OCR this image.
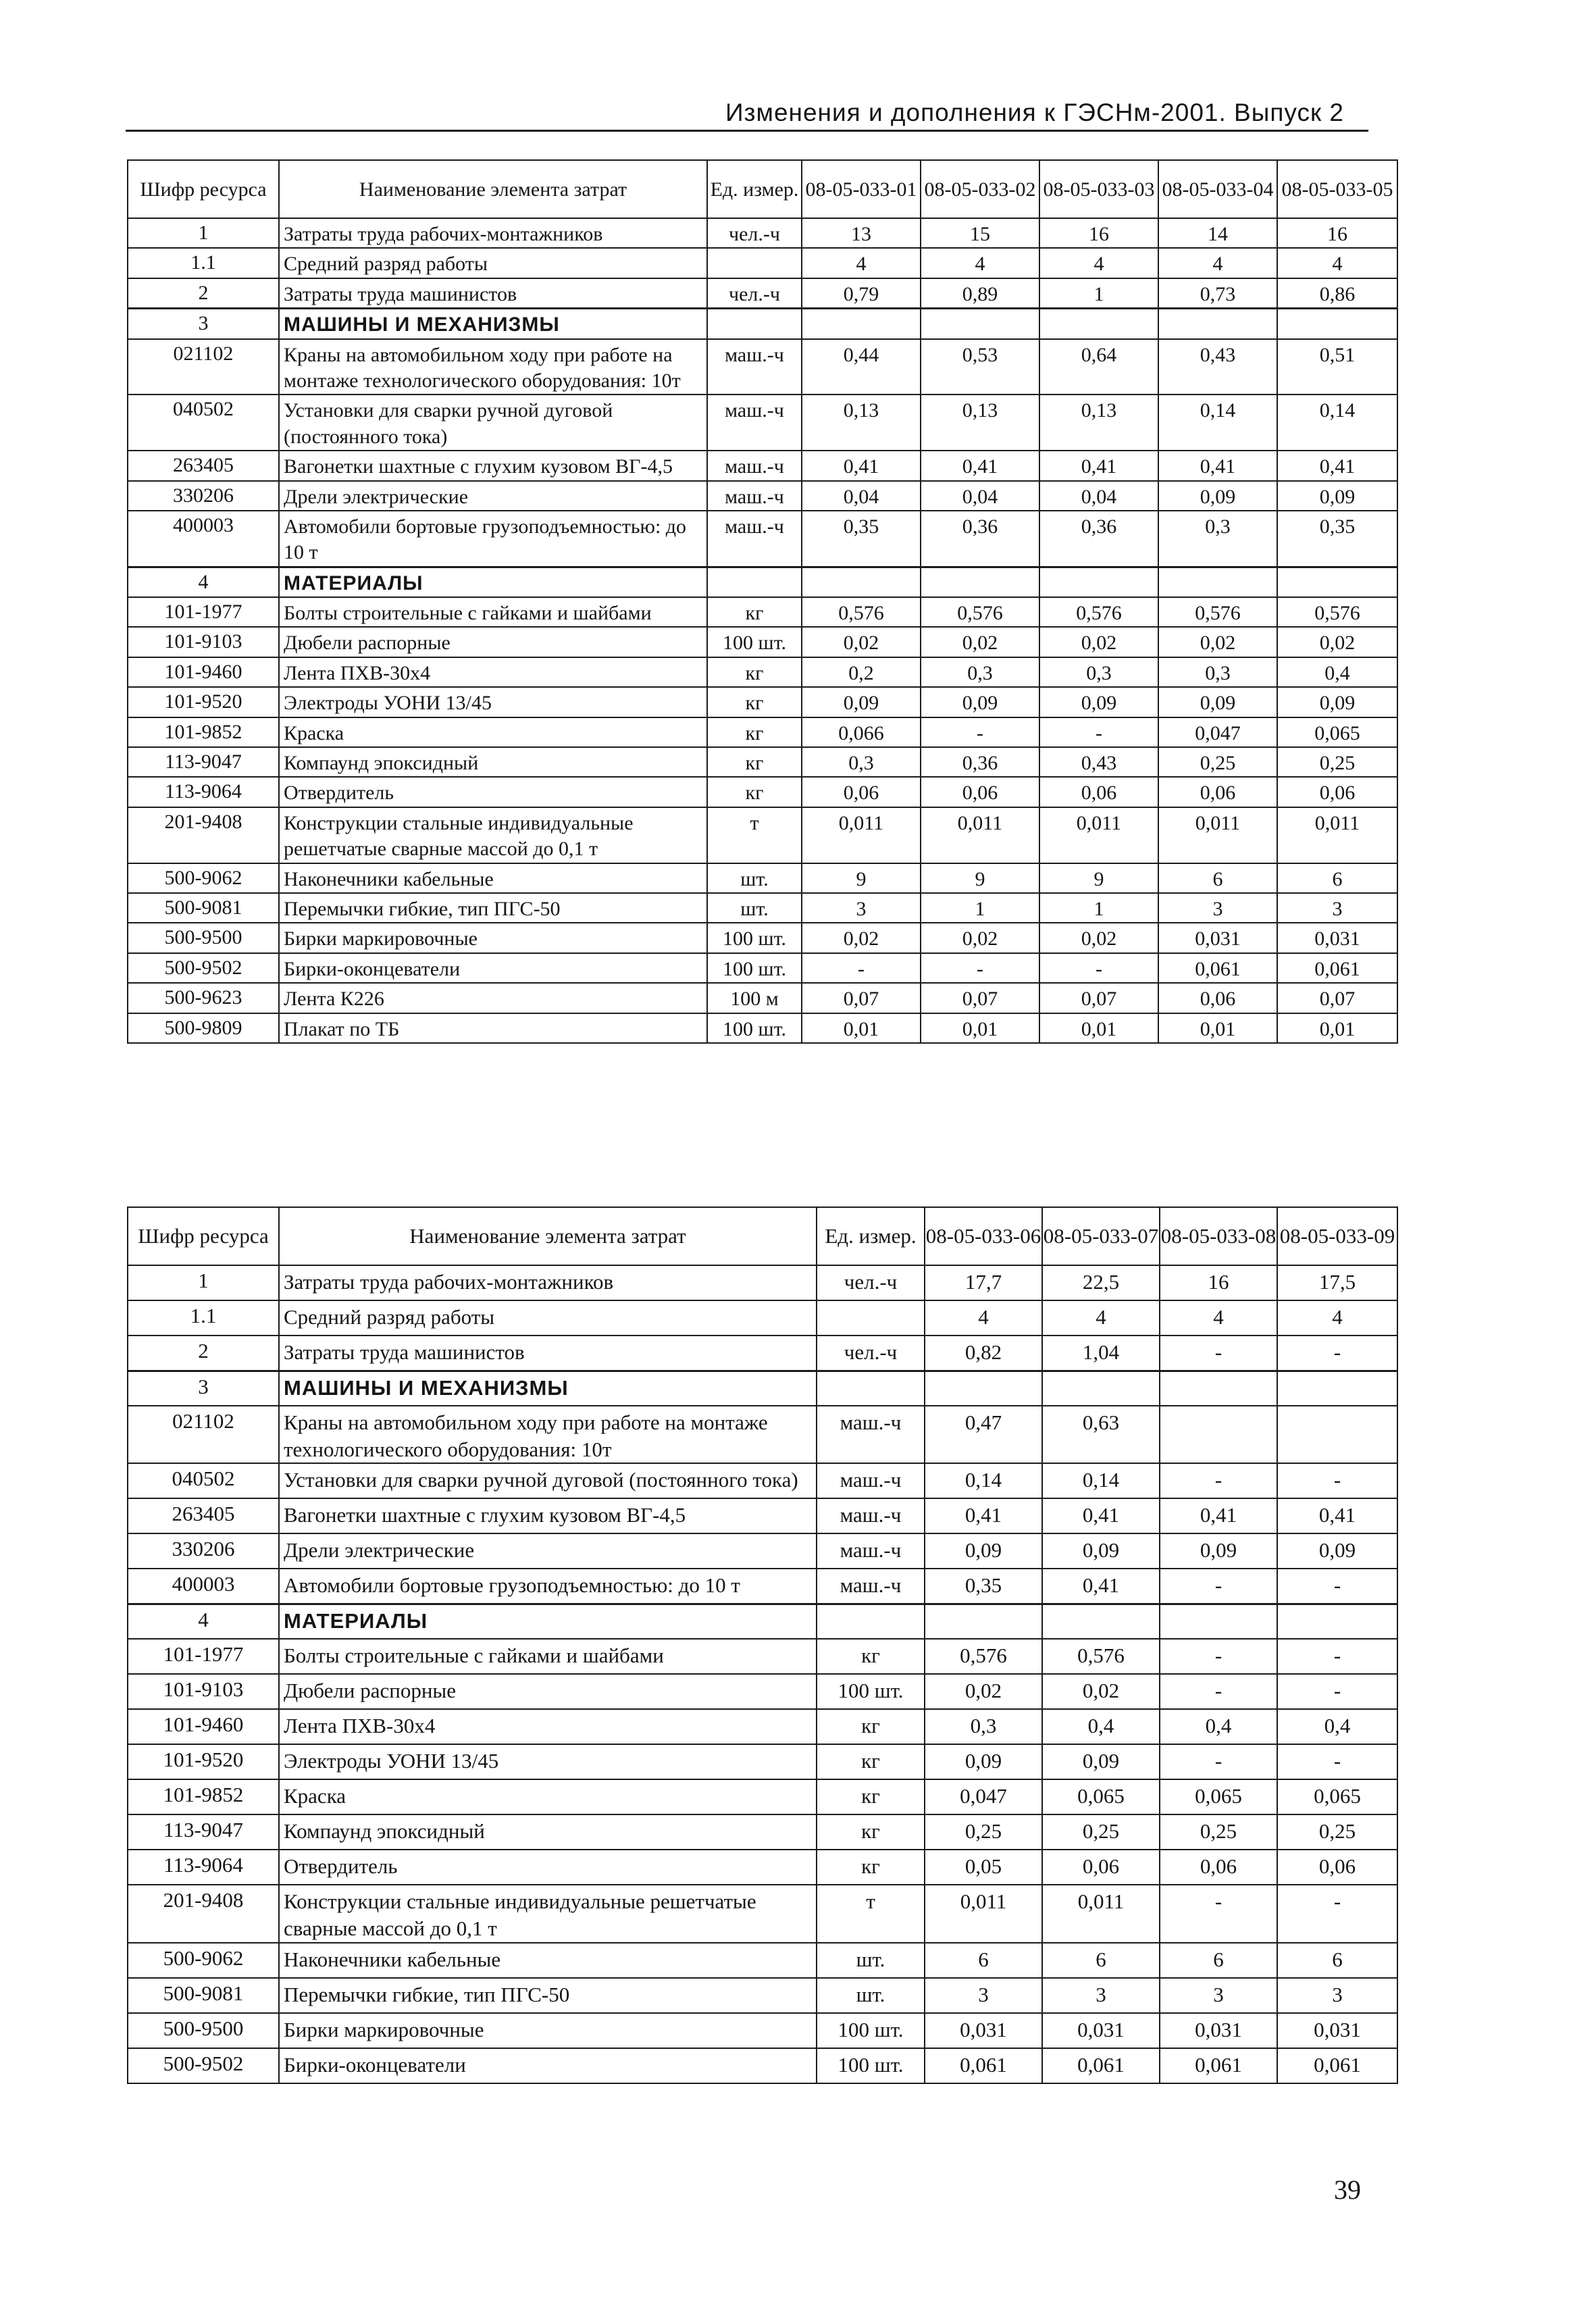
Изменения и дополнения к ГЭСНм-2001. Выпуск 2
Шифр ресурса	Наименование элемента затрат	Ед. измер.	08-05-033-01	08-05-033-02	08-05-033-03	08-05-033-04	08-05-033-05
1	Затраты труда рабочих-монтажников	чел.-ч	13	15	16	14	16
1.1	Средний разряд работы		4	4	4	4	4
2	Затраты труда машинистов	чел.-ч	0,79	0,89	1	0,73	0,86
3	МАШИНЫ И МЕХАНИЗМЫ						
021102	Краны на автомобильном ходу при работе на монтаже технологического оборудования: 10т	маш.-ч	0,44	0,53	0,64	0,43	0,51
040502	Установки для сварки ручной дуговой (постоянного тока)	маш.-ч	0,13	0,13	0,13	0,14	0,14
263405	Вагонетки шахтные с глухим кузовом ВГ-4,5	маш.-ч	0,41	0,41	0,41	0,41	0,41
330206	Дрели электрические	маш.-ч	0,04	0,04	0,04	0,09	0,09
400003	Автомобили бортовые грузоподъемностью: до 10 т	маш.-ч	0,35	0,36	0,36	0,3	0,35
4	МАТЕРИАЛЫ						
101-1977	Болты строительные с гайками и шайбами	кг	0,576	0,576	0,576	0,576	0,576
101-9103	Дюбели распорные	100 шт.	0,02	0,02	0,02	0,02	0,02
101-9460	Лента ПХВ-30х4	кг	0,2	0,3	0,3	0,3	0,4
101-9520	Электроды УОНИ 13/45	кг	0,09	0,09	0,09	0,09	0,09
101-9852	Краска	кг	0,066	-	-	0,047	0,065
113-9047	Компаунд эпоксидный	кг	0,3	0,36	0,43	0,25	0,25
113-9064	Отвердитель	кг	0,06	0,06	0,06	0,06	0,06
201-9408	Конструкции стальные индивидуальные решетчатые сварные массой до 0,1 т	т	0,011	0,011	0,011	0,011	0,011
500-9062	Наконечники кабельные	шт.	9	9	9	6	6
500-9081	Перемычки гибкие, тип ПГС-50	шт.	3	1	1	3	3
500-9500	Бирки маркировочные	100 шт.	0,02	0,02	0,02	0,031	0,031
500-9502	Бирки-оконцеватели	100 шт.	-	-	-	0,061	0,061
500-9623	Лента К226	100 м	0,07	0,07	0,07	0,06	0,07
500-9809	Плакат по ТБ	100 шт.	0,01	0,01	0,01	0,01	0,01
Шифр ресурса	Наименование элемента затрат	Ед. измер.	08-05-033-06	08-05-033-07	08-05-033-08	08-05-033-09
1	Затраты труда рабочих-монтажников	чел.-ч	17,7	22,5	16	17,5
1.1	Средний разряд работы		4	4	4	4
2	Затраты труда машинистов	чел.-ч	0,82	1,04	-	-
3	МАШИНЫ И МЕХАНИЗМЫ					
021102	Краны на автомобильном ходу при работе на монтаже технологического оборудования: 10т	маш.-ч	0,47	0,63		
040502	Установки для сварки ручной дуговой (постоянного тока)	маш.-ч	0,14	0,14	-	-
263405	Вагонетки шахтные с глухим кузовом ВГ-4,5	маш.-ч	0,41	0,41	0,41	0,41
330206	Дрели электрические	маш.-ч	0,09	0,09	0,09	0,09
400003	Автомобили бортовые грузоподъемностью: до 10 т	маш.-ч	0,35	0,41	-	-
4	МАТЕРИАЛЫ					
101-1977	Болты строительные с гайками и шайбами	кг	0,576	0,576	-	-
101-9103	Дюбели распорные	100 шт.	0,02	0,02	-	-
101-9460	Лента ПХВ-30х4	кг	0,3	0,4	0,4	0,4
101-9520	Электроды УОНИ 13/45	кг	0,09	0,09	-	-
101-9852	Краска	кг	0,047	0,065	0,065	0,065
113-9047	Компаунд эпоксидный	кг	0,25	0,25	0,25	0,25
113-9064	Отвердитель	кг	0,05	0,06	0,06	0,06
201-9408	Конструкции стальные индивидуальные решетчатые сварные массой до 0,1 т	т	0,011	0,011	-	-
500-9062	Наконечники кабельные	шт.	6	6	6	6
500-9081	Перемычки гибкие, тип ПГС-50	шт.	3	3	3	3
500-9500	Бирки маркировочные	100 шт.	0,031	0,031	0,031	0,031
500-9502	Бирки-оконцеватели	100 шт.	0,061	0,061	0,061	0,061
39
